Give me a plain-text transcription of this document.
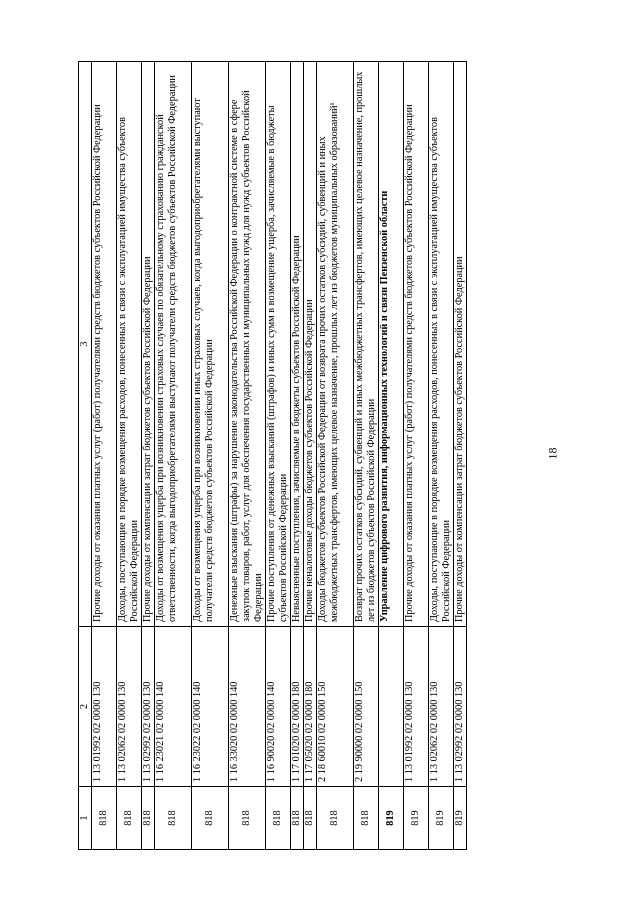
18
1	2	3
818	1 13 01992 02 0000 130	Прочие доходы от оказания платных услуг (работ) получателями средств бюджетов субъектов Российской Федерации
818	1 13 02062 02 0000 130	Доходы, поступающие в порядке возмещения расходов, понесенных в связи с эксплуатацией имущества субъектов Российской Федерации
818	1 13 02992 02 0000 130	Прочие доходы от компенсации затрат бюджетов субъектов Российской Федерации
818	1 16 23021 02 0000 140	Доходы от возмещения ущерба при возникновении страховых случаев по обязательному страхованию гражданской ответственности, когда выгодоприобретателями выступают получатели средств бюджетов субъектов Российской Федерации
818	1 16 23022 02 0000 140	Доходы от возмещения ущерба при возникновении иных страховых случаев, когда выгодоприобретателями выступают получатели средств бюджетов субъектов Российской Федерации
818	1 16 33020 02 0000 140	Денежные взыскания (штрафы) за нарушение законодательства Российской Федерации о контрактной системе в сфере закупок товаров, работ, услуг для обеспечения государственных и муниципальных нужд для нужд субъектов Российской Федерации
818	1 16 90020 02 0000 140	Прочие поступления от денежных взысканий (штрафов) и иных сумм в возмещение ущерба, зачисляемые в бюджеты субъектов Российской Федерации
818	1 17 01020 02 0000 180	Невыясненные поступления, зачисляемые в бюджеты субъектов Российской Федерации
818	1 17 05020 02 0000 180	Прочие неналоговые доходы бюджетов субъектов Российской Федерации
818	2 18 60010 02 0000 150	Доходы бюджетов субъектов Российской Федерации от возврата прочих остатков субсидий, субвенций и иных межбюджетных трансфертов, имеющих целевое назначение, прошлых лет из бюджетов муниципальных образований¹
818	2 19 90000 02 0000 150	Возврат прочих остатков субсидий, субвенций и иных межбюджетных трансфертов, имеющих целевое назначение, прошлых лет из бюджетов субъектов Российской Федерации
819		Управление цифрового развития, информационных технологий и связи Пензенской области
819	1 13 01992 02 0000 130	Прочие доходы от оказания платных услуг (работ) получателями средств бюджетов субъектов Российской Федерации
819	1 13 02062 02 0000 130	Доходы, поступающие в порядке возмещения расходов, понесенных в связи с эксплуатацией имущества субъектов Российской Федерации
819	1 13 02992 02 0000 130	Прочие доходы от компенсации затрат бюджетов субъектов Российской Федерации
